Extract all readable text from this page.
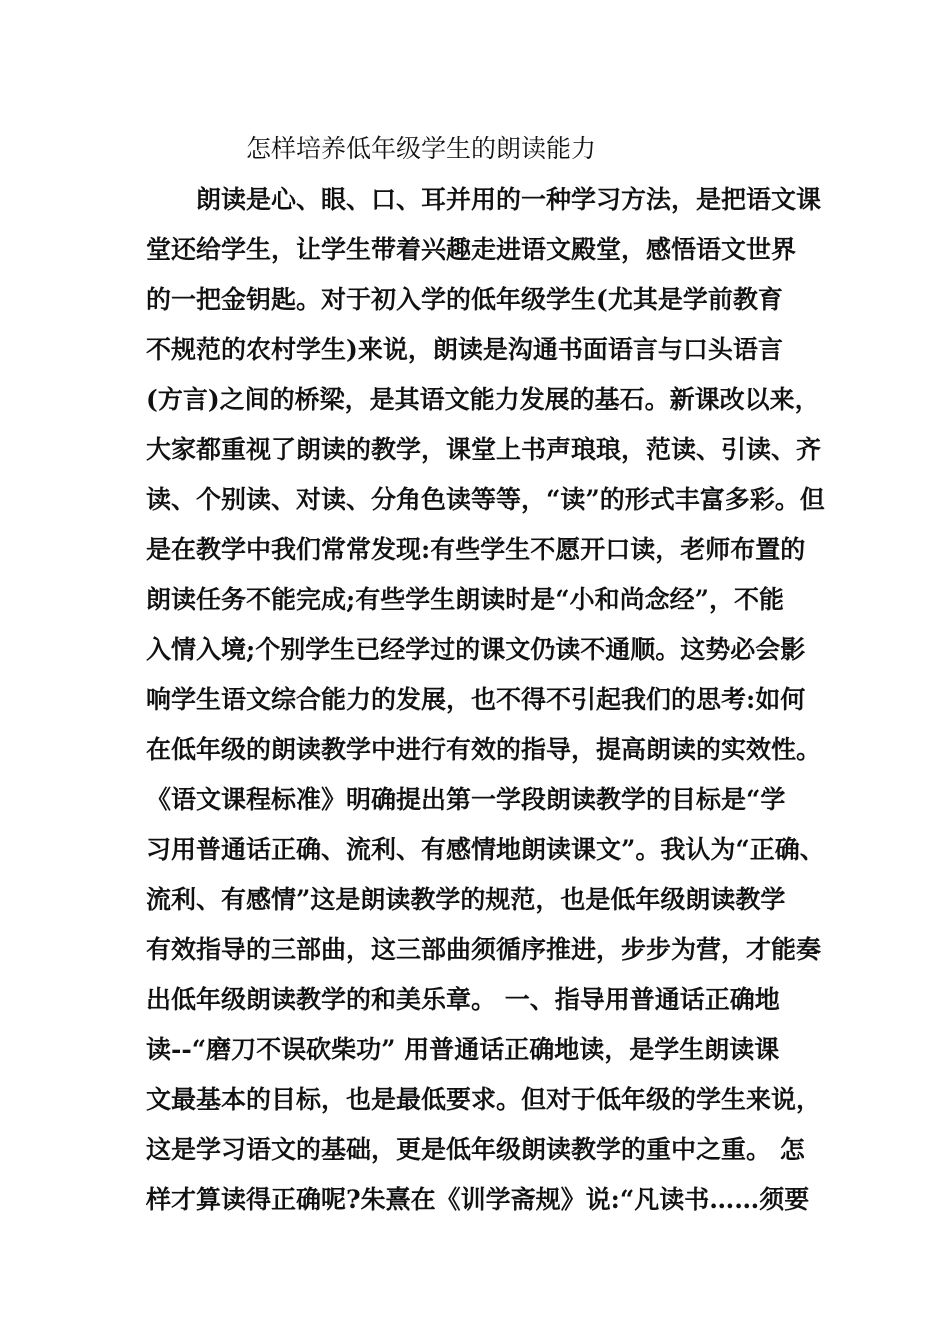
怎样培养低年级学生的朗读能力
朗读是心、眼、口、耳并用的一种学习方法，是把语文课
堂还给学生，让学生带着兴趣走进语文殿堂，感悟语文世界
的一把金钥匙。对于初入学的低年级学生(尤其是学前教育
不规范的农村学生)来说，朗读是沟通书面语言与口头语言
(方言)之间的桥梁，是其语文能力发展的基石。新课改以来，
大家都重视了朗读的教学，课堂上书声琅琅，范读、引读、齐
读、个别读、对读、分角色读等等，“读”的形式丰富多彩。但
是在教学中我们常常发现:有些学生不愿开口读，老师布置的
朗读任务不能完成;有些学生朗读时是“小和尚念经”，不能
入情入境;个别学生已经学过的课文仍读不通顺。这势必会影
响学生语文综合能力的发展，也不得不引起我们的思考:如何
在低年级的朗读教学中进行有效的指导，提高朗读的实效性。
《语文课程标准》明确提出第一学段朗读教学的目标是“学
习用普通话正确、流利、有感情地朗读课文”。我认为“正确、
流利、有感情”这是朗读教学的规范，也是低年级朗读教学
有效指导的三部曲，这三部曲须循序推进，步步为营，才能奏
出低年级朗读教学的和美乐章。 一、指导用普通话正确地
读--“磨刀不误砍柴功” 用普通话正确地读，是学生朗读课
文最基本的目标，也是最低要求。但对于低年级的学生来说，
这是学习语文的基础，更是低年级朗读教学的重中之重。 怎
样才算读得正确呢?朱熹在《训学斋规》说:“凡读书……须要
